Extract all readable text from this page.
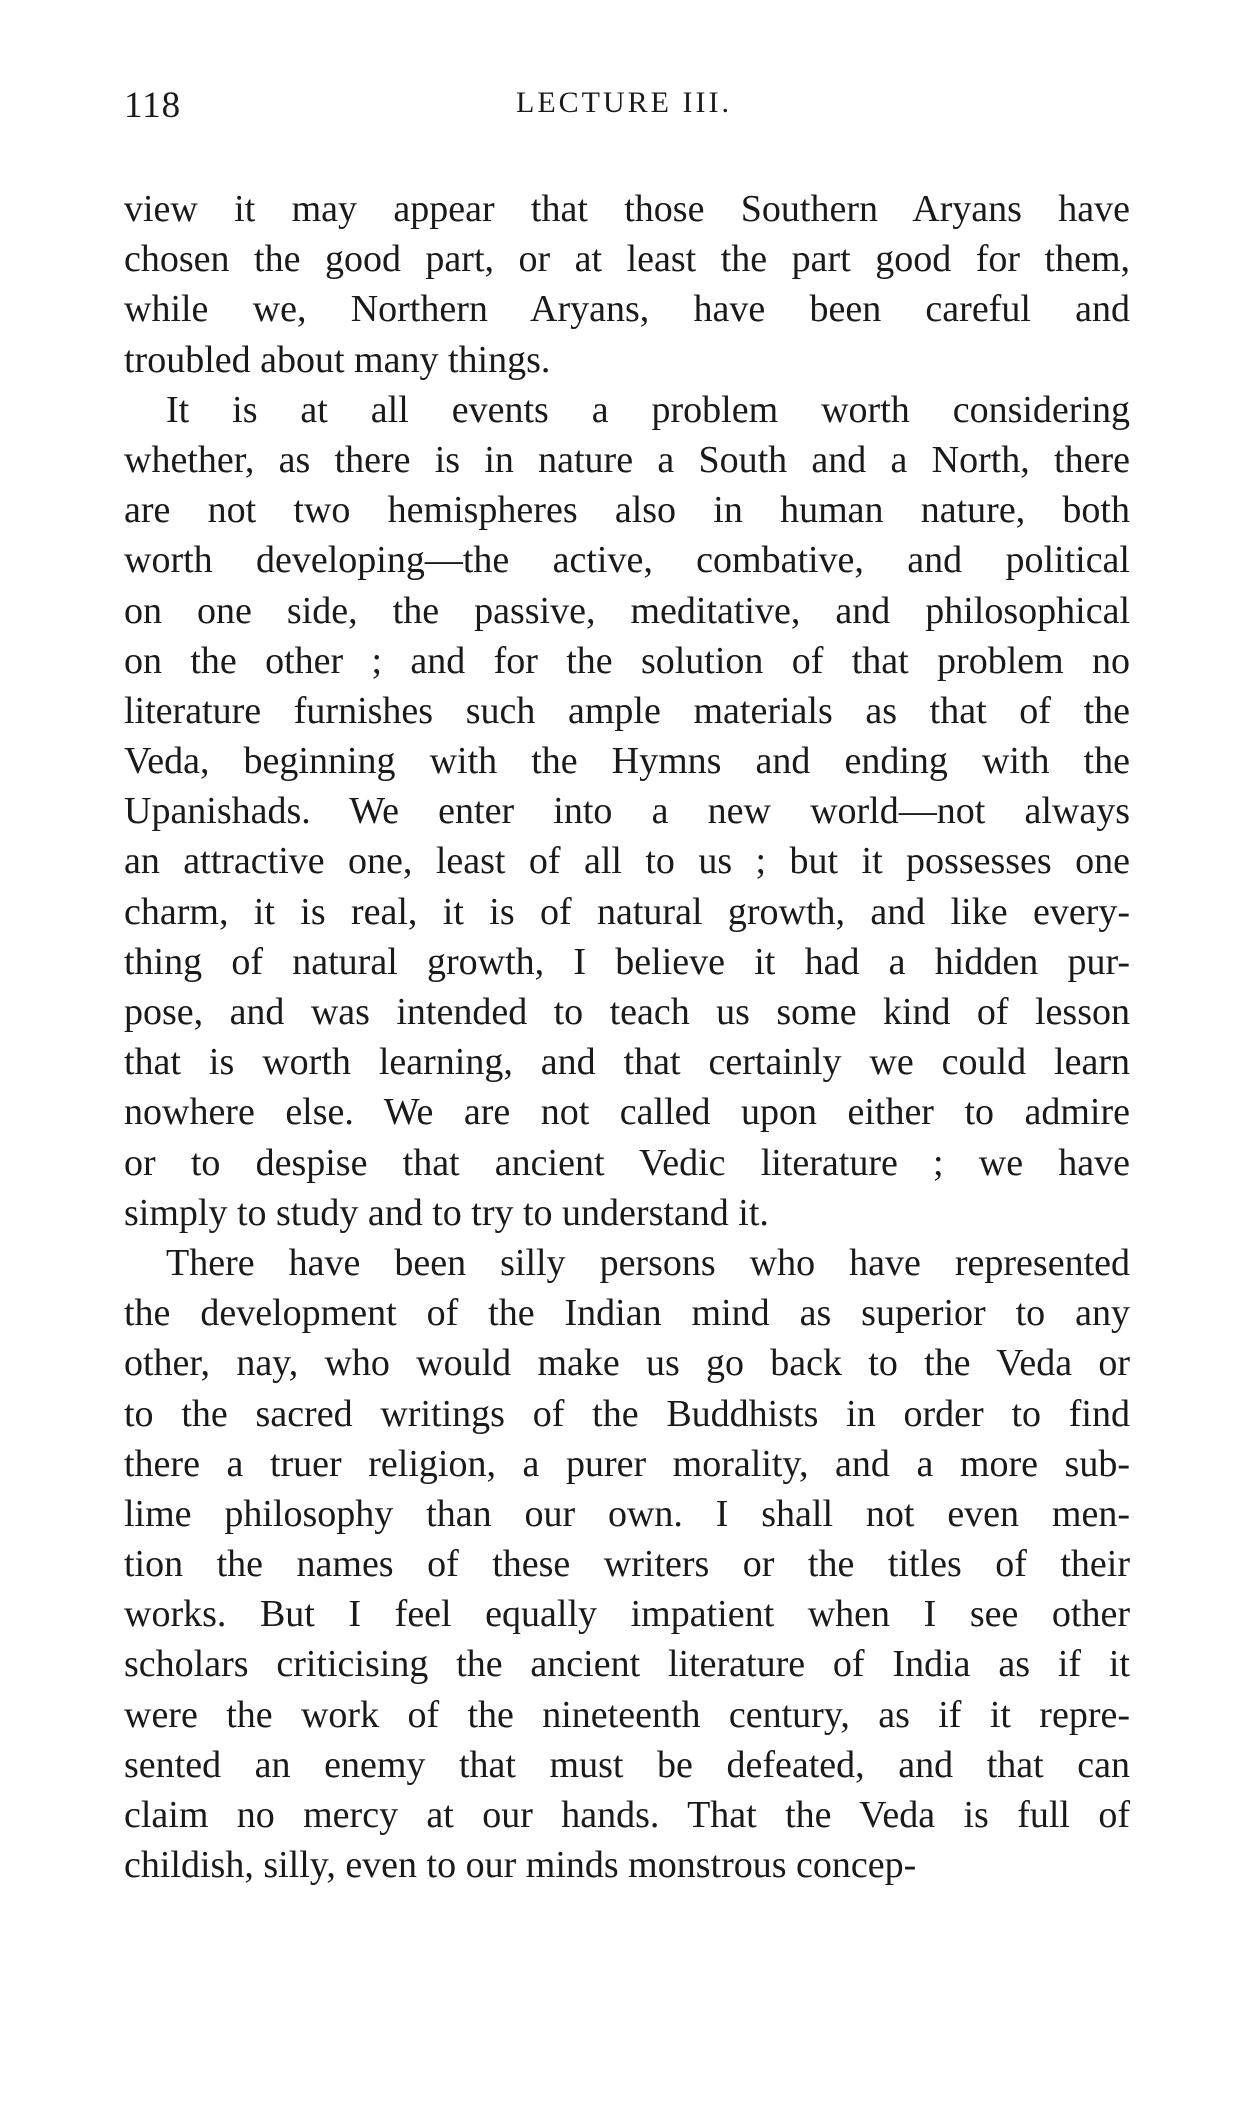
118	LECTURE III.
view it may appear that those Southern Aryans have
chosen the good part, or at least the part good for them,
while we, Northern Aryans, have been careful and
troubled about many things.
It is at all events a problem worth considering
whether, as there is in nature a South and a North, there
are not two hemispheres also in human nature, both
worth developing—the active, combative, and political
on one side, the passive, meditative, and philosophical
on the other ; and for the solution of that problem no
literature furnishes such ample materials as that of the
Veda, beginning with the Hymns and ending with the
Upanishads. We enter into a new world—not always
an attractive one, least of all to us ; but it possesses one
charm, it is real, it is of natural growth, and like every-
thing of natural growth, I believe it had a hidden pur-
pose, and was intended to teach us some kind of lesson
that is worth learning, and that certainly we could learn
nowhere else. We are not called upon either to admire
or to despise that ancient Vedic literature ; we have
simply to study and to try to understand it.
There have been silly persons who have represented
the development of the Indian mind as superior to any
other, nay, who would make us go back to the Veda or
to the sacred writings of the Buddhists in order to find
there a truer religion, a purer morality, and a more sub-
lime philosophy than our own. I shall not even men-
tion the names of these writers or the titles of their
works. But I feel equally impatient when I see other
scholars criticising the ancient literature of India as if it
were the work of the nineteenth century, as if it repre-
sented an enemy that must be defeated, and that can
claim no mercy at our hands. That the Veda is full of
childish, silly, even to our minds monstrous concep-
